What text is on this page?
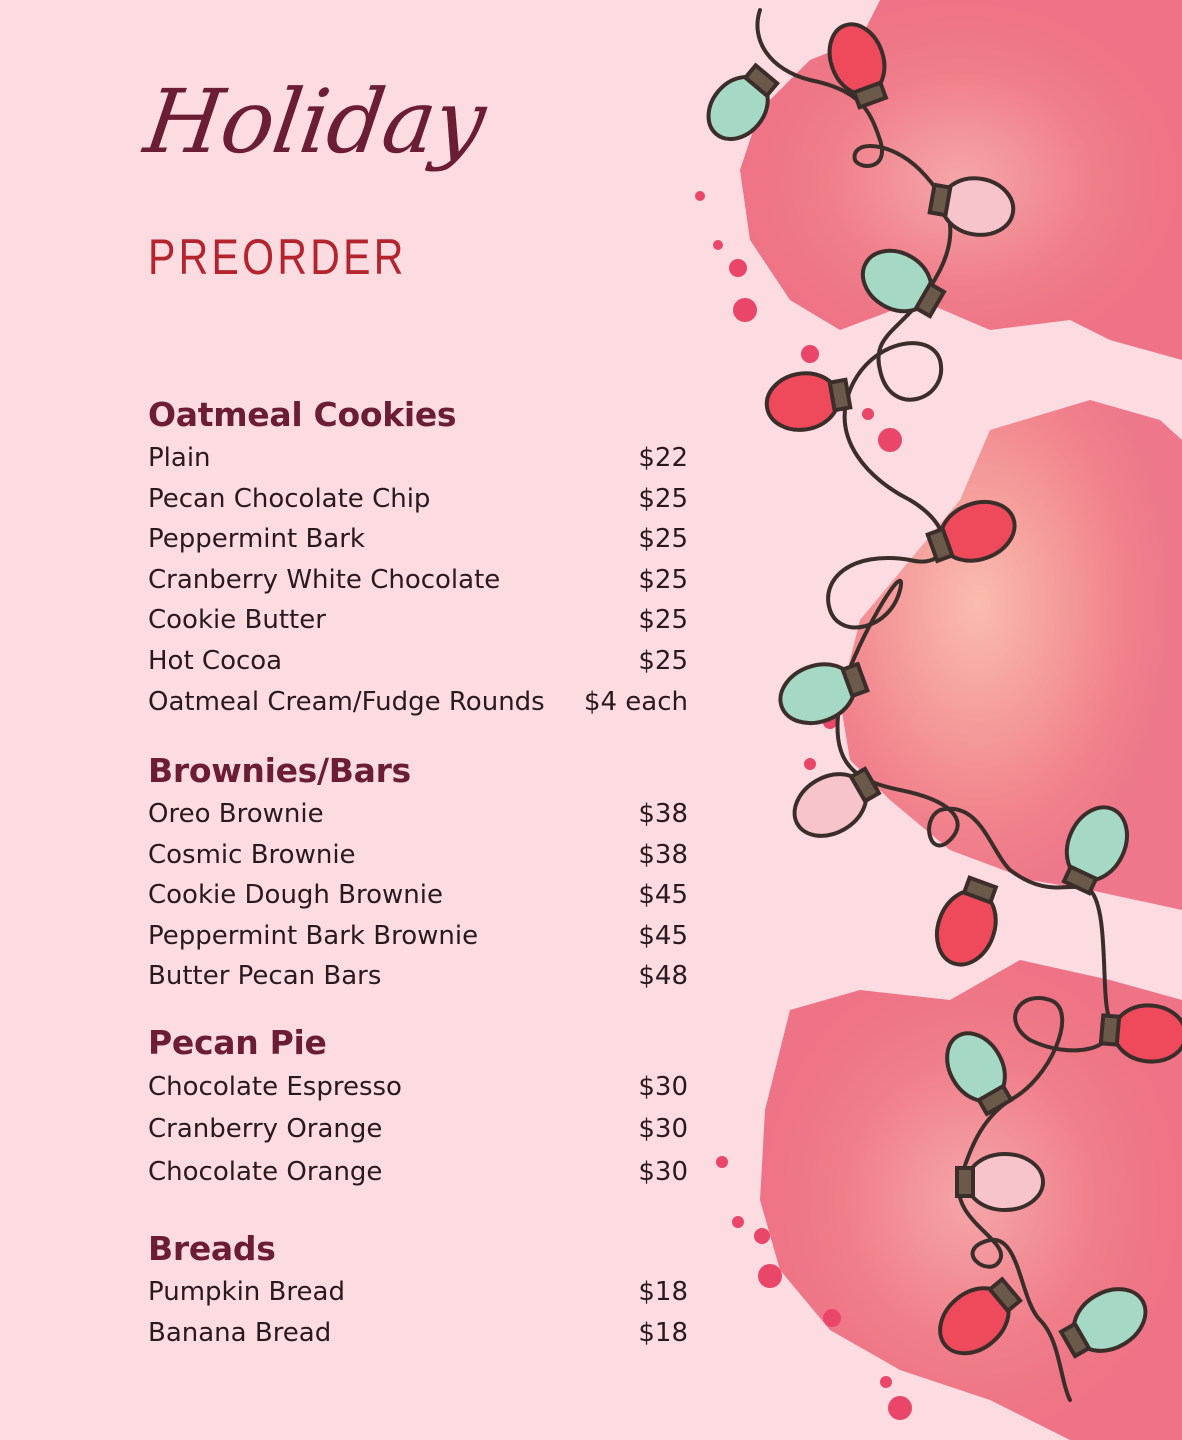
Holiday
PREORDER
Oatmeal Cookies
Plain	$22
Pecan Chocolate Chip	$25
Peppermint Bark	$25
Cranberry White Chocolate	$25
Cookie Butter	$25
Hot Cocoa	$25
Oatmeal Cream/Fudge Rounds $4 each
Brownies/Bars
Oreo Brownie	$38
Cosmic Brownie	$38
Cookie Dough Brownie	$45
Peppermint Bark Brownie	$45
Butter Pecan Bars	$48
Pecan Pie
Chocolate Espresso	$30
Cranberry Orange	$30
Chocolate Orange	$30
Breads
Pumpkin Bread	$18
Banana Bread	$18
